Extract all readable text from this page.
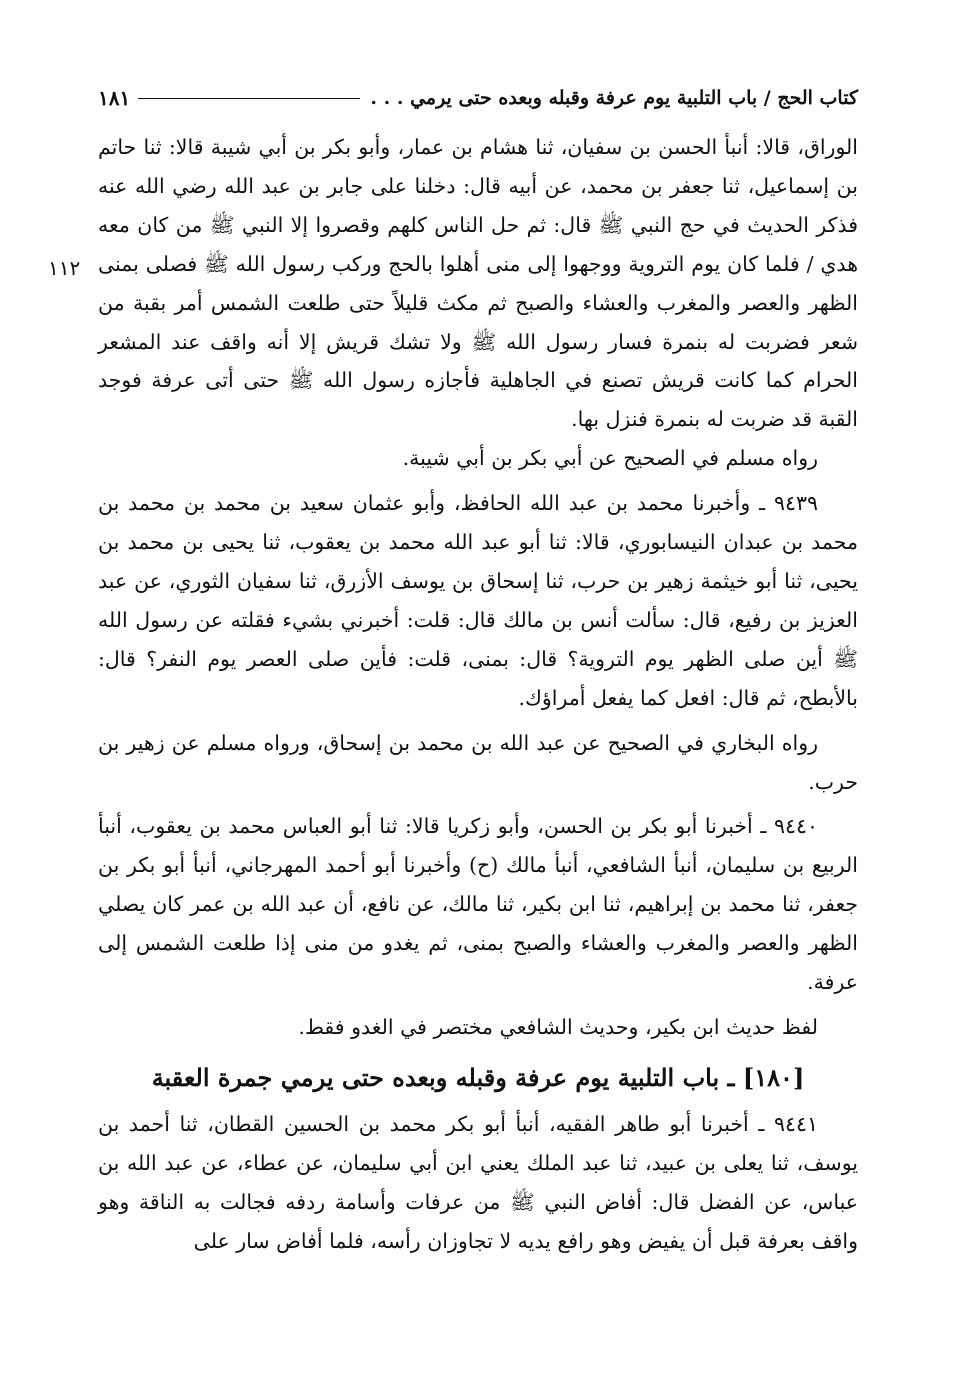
كتاب الحج / باب التلبية يوم عرفة وقبله وبعده حتى يرمي . . .
١٨١
١١٢

الوراق، قالا: أنبأ الحسن بن سفيان، ثنا هشام بن عمار، وأبو بكر بن أبي شيبة قالا: ثنا حاتم بن إسماعيل، ثنا جعفر بن محمد، عن أبيه قال: دخلنا على جابر بن عبد الله رضي الله عنه فذكر الحديث في حج النبي ﷺ قال: ثم حل الناس كلهم وقصروا إلا النبي ﷺ من كان معه هدي / فلما كان يوم التروية ووجهوا إلى منى أهلوا بالحج وركب رسول الله ﷺ فصلى بمنى الظهر والعصر والمغرب والعشاء والصبح ثم مكث قليلاً حتى طلعت الشمس أمر بقبة من شعر فضربت له بنمرة فسار رسول الله ﷺ ولا تشك قريش إلا أنه واقف عند المشعر الحرام كما كانت قريش تصنع في الجاهلية فأجازه رسول الله ﷺ حتى أتى عرفة فوجد القبة قد ضربت له بنمرة فنزل بها.

رواه مسلم في الصحيح عن أبي بكر بن أبي شيبة.

٩٤٣٩ ـ وأخبرنا محمد بن عبد الله الحافظ، وأبو عثمان سعيد بن محمد بن محمد بن محمد بن عبدان النيسابوري، قالا: ثنا أبو عبد الله محمد بن يعقوب، ثنا يحيى بن محمد بن يحيى، ثنا أبو خيثمة زهير بن حرب، ثنا إسحاق بن يوسف الأزرق، ثنا سفيان الثوري، عن عبد العزيز بن رفيع، قال: سألت أنس بن مالك قال: قلت: أخبرني بشيء فقلته عن رسول الله ﷺ أين صلى الظهر يوم التروية؟ قال: بمنى، قلت: فأين صلى العصر يوم النفر؟ قال: بالأبطح، ثم قال: افعل كما يفعل أمراؤك.

رواه البخاري في الصحيح عن عبد الله بن محمد بن إسحاق، ورواه مسلم عن زهير بن حرب.

٩٤٤٠ ـ أخبرنا أبو بكر بن الحسن، وأبو زكريا قالا: ثنا أبو العباس محمد بن يعقوب، أنبأ الربيع بن سليمان، أنبأ الشافعي، أنبأ مالك (ح) وأخبرنا أبو أحمد المهرجاني، أنبأ أبو بكر بن جعفر، ثنا محمد بن إبراهيم، ثنا ابن بكير، ثنا مالك، عن نافع، أن عبد الله بن عمر كان يصلي الظهر والعصر والمغرب والعشاء والصبح بمنى، ثم يغدو من منى إذا طلعت الشمس إلى عرفة.

لفظ حديث ابن بكير، وحديث الشافعي مختصر في الغدو فقط.

[١٨٠] ـ باب التلبية يوم عرفة وقبله وبعده حتى يرمي جمرة العقبة

٩٤٤١ ـ أخبرنا أبو طاهر الفقيه، أنبأ أبو بكر محمد بن الحسين القطان، ثنا أحمد بن يوسف، ثنا يعلى بن عبيد، ثنا عبد الملك يعني ابن أبي سليمان، عن عطاء، عن عبد الله بن عباس، عن الفضل قال: أفاض النبي ﷺ من عرفات وأسامة ردفه فجالت به الناقة وهو واقف بعرفة قبل أن يفيض وهو رافع يديه لا تجاوزان رأسه، فلما أفاض سار على
